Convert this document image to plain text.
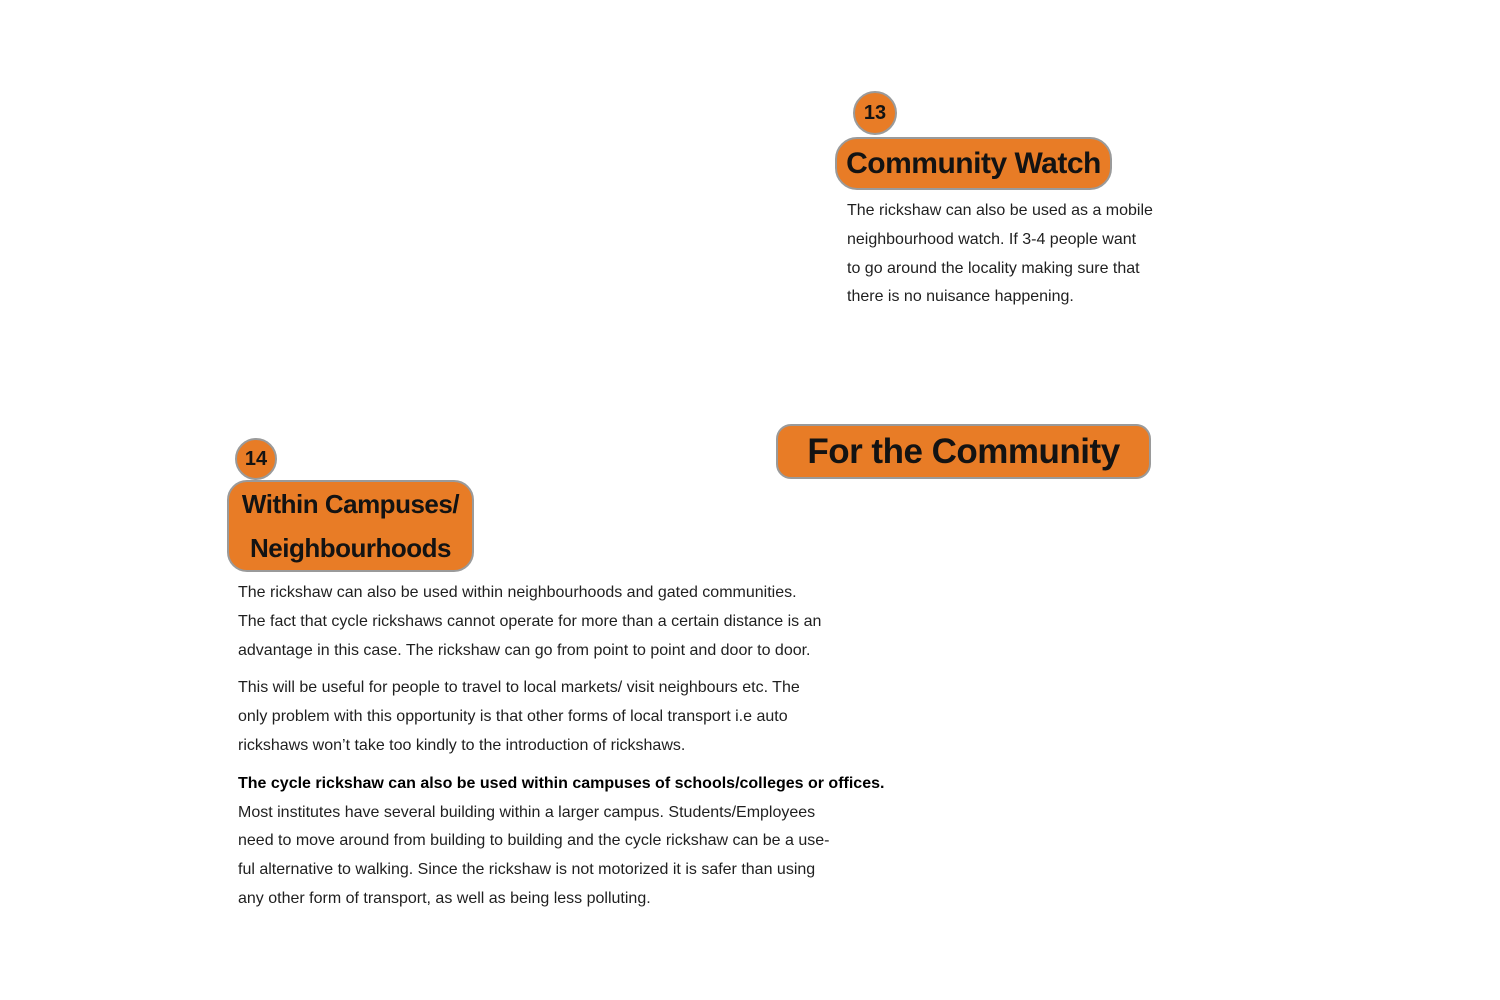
13
Community Watch
The rickshaw can also be used as a mobile
neighbourhood watch. If 3-4 people want
to go around the locality making sure that
there is no nuisance happening.
For the Community
14
Within Campuses/
Neighbourhoods
The rickshaw can also be used within neighbourhoods and gated communities.
The fact that cycle rickshaws cannot operate for more than a certain distance is an
advantage in this case. The rickshaw can go from point to point and door to door.
This will be useful for people to travel to local markets/ visit neighbours etc. The
only problem with this opportunity is that other forms of local transport i.e auto
rickshaws won’t take too kindly to the introduction of rickshaws.
The cycle rickshaw can also be used within campuses of schools/colleges or offices.
Most institutes have several building within a larger campus. Students/Employees
need to move around from building to building and the cycle rickshaw can be a use-
ful alternative to walking. Since the rickshaw is not motorized it is safer than using
any other form of transport, as well as being less polluting.
